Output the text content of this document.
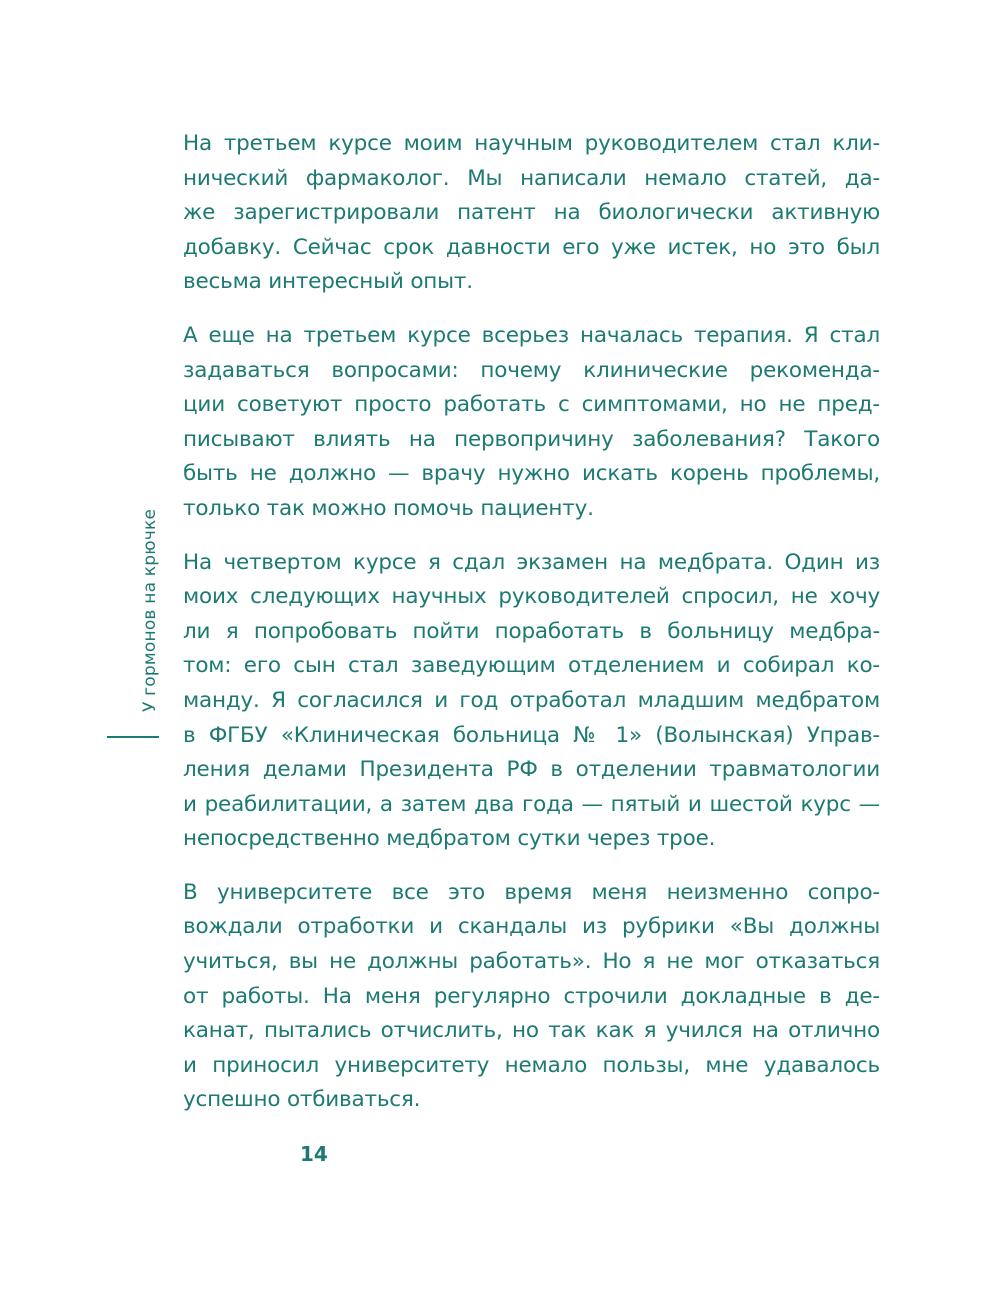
У гормонов на крючке
На третьем курсе моим научным руководителем стал кли-
нический фармаколог. Мы написали немало статей, да-
же зарегистрировали патент на биологически активную
добавку. Сейчас срок давности его уже истек, но это был
весьма интересный опыт.
А еще на третьем курсе всерьез началась терапия. Я стал
задаваться вопросами: почему клинические рекоменда-
ции советуют просто работать с симптомами, но не пред-
писывают влиять на первопричину заболевания? Такого
быть не должно — врачу нужно искать корень проблемы,
только так можно помочь пациенту.
На четвертом курсе я сдал экзамен на медбрата. Один из
моих следующих научных руководителей спросил, не хочу
ли я попробовать пойти поработать в больницу медбра-
том: его сын стал заведующим отделением и собирал ко-
манду. Я согласился и год отработал младшим медбратом
в ФГБУ «Клиническая больница № 1» (Волынская) Управ-
ления делами Президента РФ в отделении травматологии
и реабилитации, а затем два года — пятый и шестой курс —
непосредственно медбратом сутки через трое.
В университете все это время меня неизменно сопро-
вождали отработки и скандалы из рубрики «Вы должны
учиться, вы не должны работать». Но я не мог отказаться
от работы. На меня регулярно строчили докладные в де-
канат, пытались отчислить, но так как я учился на отлично
и приносил университету немало пользы, мне удавалось
успешно отбиваться.
14
